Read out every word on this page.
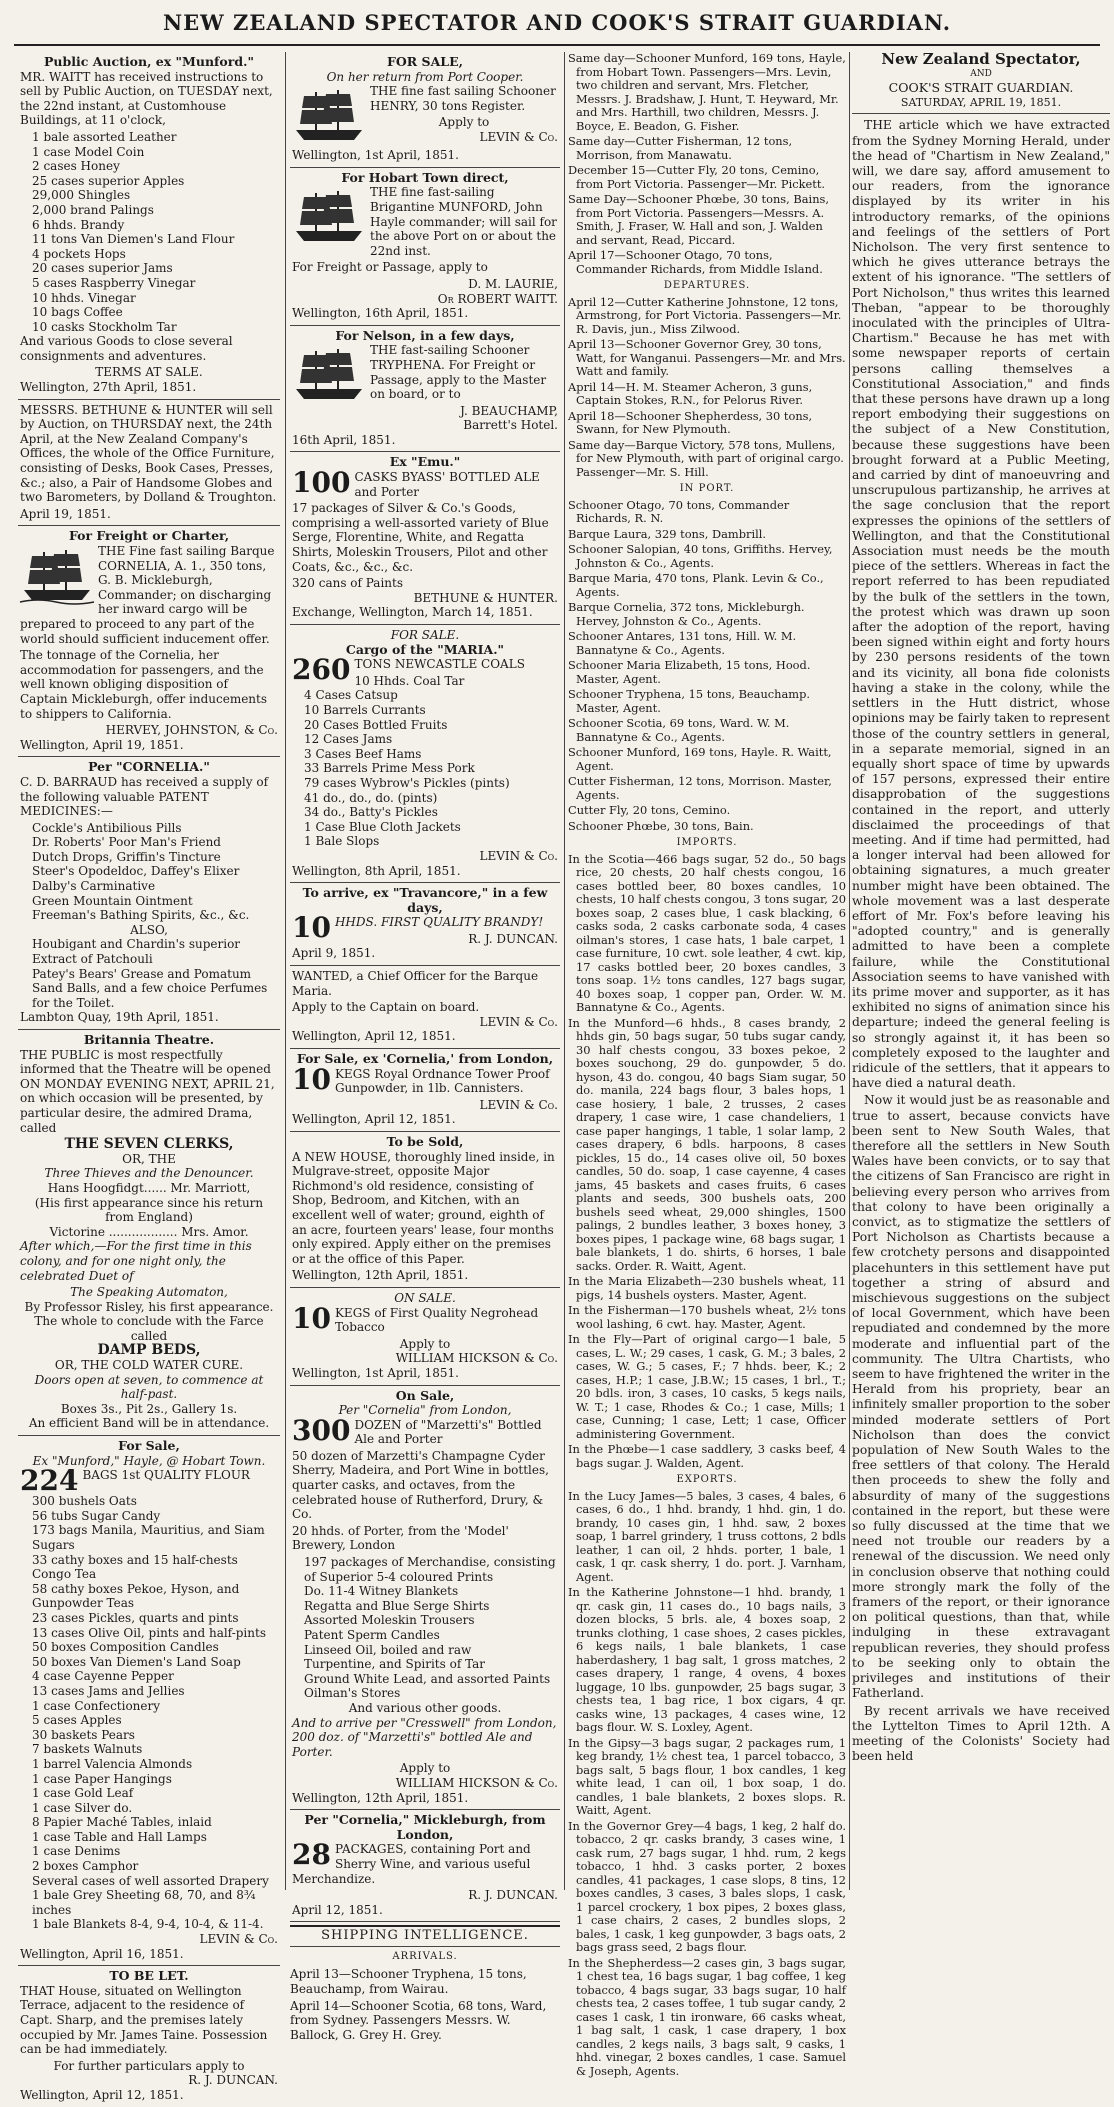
NEW ZEALAND SPECTATOR AND COOK'S STRAIT GUARDIAN.
Public Auction, ex "Munford."

MR. WAITT has received instructions to sell by Public Auction, on TUESDAY next, the 22nd instant, at Customhouse Buildings, at 11 o'clock,

1 bale assorted Leather
1 case Model Coin
2 cases Honey
25 cases superior Apples
29,000 Shingles
2,000 brand Palings
6 hhds. Brandy
11 tons Van Diemen's Land Flour
4 pockets Hops
20 cases superior Jams
5 cases Raspberry Vinegar
10 hhds. Vinegar
10 bags Coffee
10 casks Stockholm Tar

And various Goods to close several consignments and adventures.

TERMS AT SALE.
Wellington, 27th April, 1851.

MESSRS. BETHUNE & HUNTER will sell by Auction, on THURSDAY next, the 24th April, at the New Zealand Company's Offices, the whole of the Office Furniture, consisting of Desks, Book Cases, Presses, &c.; also, a Pair of Handsome Globes and two Barometers, by Dolland & Troughton.

April 19, 1851.
For Freight or Charter,

THE Fine fast sailing Barque CORNELIA, A. 1., 350 tons, G. B. Mickleburgh, Commander; on discharging her inward cargo will be prepared to proceed to any part of the world should sufficient inducement offer.

The tonnage of the Cornelia, her accommodation for passengers, and the well known obliging disposition of Captain Mickleburgh, offer inducements to shippers to California.

HERVEY, JOHNSTON, & Co.
Wellington, April 19, 1851.
Per "CORNELIA."

C. D. BARRAUD has received a supply of the following valuable PATENT MEDICINES:—

Cockle's Antibilious Pills
Dr. Roberts' Poor Man's Friend
Dutch Drops, Griffin's Tincture
Steer's Opodeldoc, Daffey's Elixer
Dalby's Carminative
Green Mountain Ointment
Freeman's Bathing Spirits, &c., &c.
ALSO,
Houbigant and Chardin's superior Extract of Patchouli
Patey's Bears' Grease and Pomatum
Sand Balls, and a few choice Perfumes for the Toilet.
Lambton Quay, 19th April, 1851.
Britannia Theatre.

THE PUBLIC is most respectfully informed that the Theatre will be opened ON MONDAY EVENING NEXT, APRIL 21, on which occasion will be presented, by particular desire, the admired Drama, called

THE SEVEN CLERKS,
OR, THE
Three Thieves and the Denouncer.
Hans Hoogfidgt...... Mr. Marriott,
(His first appearance since his return from England)
Victorine .................. Mrs. Amor.

After which,—For the first time in this colony, and for one night only, the celebrated Duet of

The Speaking Automaton,
By Professor Risley, his first appearance.
The whole to conclude with the Farce called
DAMP BEDS,
OR, THE COLD WATER CURE.
Doors open at seven, to commence at half-past.
Boxes 3s., Pit 2s., Gallery 1s.
An efficient Band will be in attendance.
For Sale,
Ex "Munford," Hayle, @ Hobart Town.
224 BAGS 1st QUALITY FLOUR

300 bushels Oats
56 tubs Sugar Candy
173 bags Manila, Mauritius, and Siam Sugars
33 cathy boxes and 15 half-chests Congo Tea
58 cathy boxes Pekoe, Hyson, and Gunpowder Teas
23 cases Pickles, quarts and pints
13 cases Olive Oil, pints and half-pints
50 boxes Composition Candles
50 boxes Van Diemen's Land Soap
4 case Cayenne Pepper
13 cases Jams and Jellies
1 case Confectionery
5 cases Apples
30 baskets Pears
7 baskets Walnuts
1 barrel Valencia Almonds
1 case Paper Hangings
1 case Gold Leaf
1 case Silver do.
8 Papier Maché Tables, inlaid
1 case Table and Hall Lamps
1 case Denims
2 boxes Camphor
Several cases of well assorted Drapery
1 bale Grey Sheeting 68, 70, and 8¾ inches
1 bale Blankets 8-4, 9-4, 10-4, & 11-4.
LEVIN & Co.
Wellington, April 16, 1851.
TO BE LET.

THAT House, situated on Wellington Terrace, adjacent to the residence of Capt. Sharp, and the premises lately occupied by Mr. James Taine. Possession can be had immediately.

For further particulars apply to
R. J. DUNCAN.
Wellington, April 12, 1851.
FOR SALE,
On her return from Port Cooper.

THE fine fast sailing Schooner HENRY, 30 tons Register.

Apply to
LEVIN & Co.
Wellington, 1st April, 1851.
For Hobart Town direct,

THE fine fast-sailing Brigantine MUNFORD, John Hayle commander; will sail for the above Port on or about the 22nd inst.

For Freight or Passage, apply to

D. M. LAURIE,
Or ROBERT WAITT.
Wellington, 16th April, 1851.
For Nelson, in a few days,

THE fast-sailing Schooner TRYPHENA. For Freight or Passage, apply to the Master on board, or to

J. BEAUCHAMP,
Barrett's Hotel.
16th April, 1851.
Ex "Emu."
100 CASKS BYASS' BOTTLED ALE and Porter

17 packages of Silver & Co.'s Goods, comprising a well-assorted variety of Blue Serge, Florentine, White, and Regatta Shirts, Moleskin Trousers, Pilot and other Coats, &c., &c., &c.

320 cans of Paints
BETHUNE & HUNTER.
Exchange, Wellington, March 14, 1851.
FOR SALE.
Cargo of the "MARIA."
260 TONS NEWCASTLE COALS

10 Hhds. Coal Tar
4 Cases Catsup
10 Barrels Currants
20 Cases Bottled Fruits
12 Cases Jams
3 Cases Beef Hams
33 Barrels Prime Mess Pork
79 cases Wybrow's Pickles (pints)
41 do., do., do. (pints)
34 do., Batty's Pickles
1 Case Blue Cloth Jackets
1 Bale Slops
LEVIN & Co.
Wellington, 8th April, 1851.
To arrive, ex "Travancore," in a few days,
10 HHDS. FIRST QUALITY BRANDY!

R. J. DUNCAN.
April 9, 1851.

WANTED, a Chief Officer for the Barque Maria.

Apply to the Captain on board.
LEVIN & Co.
Wellington, April 12, 1851.
For Sale, ex 'Cornelia,' from London,
10 KEGS Royal Ordnance Tower Proof Gunpowder, in 1lb. Cannisters.

LEVIN & Co.
Wellington, April 12, 1851.
To be Sold,

A NEW HOUSE, thoroughly lined inside, in Mulgrave-street, opposite Major Richmond's old residence, consisting of Shop, Bedroom, and Kitchen, with an excellent well of water; ground, eighth of an acre, fourteen years' lease, four months only expired. Apply either on the premises or at the office of this Paper.

Wellington, 12th April, 1851.
ON SALE.
10 KEGS of First Quality Negrohead Tobacco

Apply to
WILLIAM HICKSON & Co.
Wellington, 1st April, 1851.
On Sale,
Per "Cornelia" from London,
300 DOZEN of "Marzetti's" Bottled Ale and Porter

50 dozen of Marzetti's Champagne Cyder Sherry, Madeira, and Port Wine in bottles, quarter casks, and octaves, from the celebrated house of Rutherford, Drury, & Co.

20 hhds. of Porter, from the 'Model' Brewery, London

197 packages of Merchandise, consisting of Superior 5-4 coloured Prints
Do. 11-4 Witney Blankets
Regatta and Blue Serge Shirts
Assorted Moleskin Trousers
Patent Sperm Candles
Linseed Oil, boiled and raw
Turpentine, and Spirits of Tar
Ground White Lead, and assorted Paints
Oilman's Stores
And various other goods.

And to arrive per "Cresswell" from London, 200 doz. of "Marzetti's" bottled Ale and Porter.

Apply to
WILLIAM HICKSON & Co.
Wellington, 12th April, 1851.
Per "Cornelia," Mickleburgh, from London,
28 PACKAGES, containing Port and Sherry Wine, and various useful Merchandize.

R. J. DUNCAN.
April 12, 1851.
SHIPPING INTELLIGENCE.
ARRIVALS.

April 13—Schooner Tryphena, 15 tons, Beauchamp, from Wairau.

April 14—Schooner Scotia, 68 tons, Ward, from Sydney. Passengers Messrs. W. Ballock, G. Grey H. Grey.

Same day—Schooner Munford, 169 tons, Hayle, from Hobart Town. Passengers—Mrs. Levin, two children and servant, Mrs. Fletcher, Messrs. J. Bradshaw, J. Hunt, T. Heyward, Mr. and Mrs. Harthill, two children, Messrs. J. Boyce, E. Beadon, G. Fisher.

Same day—Cutter Fisherman, 12 tons, Morrison, from Manawatu.

December 15—Cutter Fly, 20 tons, Cemino, from Port Victoria. Passenger—Mr. Pickett.

Same Day—Schooner Phœbe, 30 tons, Bains, from Port Victoria. Passengers—Messrs. A. Smith, J. Fraser, W. Hall and son, J. Walden and servant, Read, Piccard.

April 17—Schooner Otago, 70 tons, Commander Richards, from Middle Island.

DEPARTURES.

April 12—Cutter Katherine Johnstone, 12 tons, Armstrong, for Port Victoria. Passengers—Mr. R. Davis, jun., Miss Zilwood.

April 13—Schooner Governor Grey, 30 tons, Watt, for Wanganui. Passengers—Mr. and Mrs. Watt and family.

April 14—H. M. Steamer Acheron, 3 guns, Captain Stokes, R.N., for Pelorus River.

April 18—Schooner Shepherdess, 30 tons, Swann, for New Plymouth.

Same day—Barque Victory, 578 tons, Mullens, for New Plymouth, with part of original cargo. Passenger—Mr. S. Hill.

IN PORT.

Schooner Otago, 70 tons, Commander Richards, R. N.

Barque Laura, 329 tons, Dambrill.

Schooner Salopian, 40 tons, Griffiths. Hervey, Johnston & Co., Agents.

Barque Maria, 470 tons, Plank. Levin & Co., Agents.

Barque Cornelia, 372 tons, Mickleburgh. Hervey, Johnston & Co., Agents.

Schooner Antares, 131 tons, Hill. W. M. Bannatyne & Co., Agents.

Schooner Maria Elizabeth, 15 tons, Hood. Master, Agent.

Schooner Tryphena, 15 tons, Beauchamp. Master, Agent.

Schooner Scotia, 69 tons, Ward. W. M. Bannatyne & Co., Agents.

Schooner Munford, 169 tons, Hayle. R. Waitt, Agent.

Cutter Fisherman, 12 tons, Morrison. Master, Agents.

Cutter Fly, 20 tons, Cemino.

Schooner Phœbe, 30 tons, Bain.

IMPORTS.

In the Scotia—466 bags sugar, 52 do., 50 bags rice, 20 chests, 20 half chests congou, 16 cases bottled beer, 80 boxes candles, 10 chests, 10 half chests congou, 3 tons sugar, 20 boxes soap, 2 cases blue, 1 cask blacking, 6 casks soda, 2 casks carbonate soda, 4 cases oilman's stores, 1 case hats, 1 bale carpet, 1 case furniture, 10 cwt. sole leather, 4 cwt. kip, 17 casks bottled beer, 20 boxes candles, 3 tons soap. 1½ tons candles, 127 bags sugar, 40 boxes soap, 1 copper pan, Order. W. M. Bannatyne & Co., Agents.

In the Munford—6 hhds., 8 cases brandy, 2 hhds gin, 50 bags sugar, 50 tubs sugar candy, 30 half chests congou, 33 boxes pekoe, 2 boxes souchong, 29 do. gunpowder, 5 do. hyson, 43 do. congou, 40 bags Siam sugar, 50 do. manila, 224 bags flour, 3 bales hops, 1 case hosiery, 1 bale, 2 trusses, 2 cases drapery, 1 case wire, 1 case chandeliers, 1 case paper hangings, 1 table, 1 solar lamp, 2 cases drapery, 6 bdls. harpoons, 8 cases pickles, 15 do., 14 cases olive oil, 50 boxes candles, 50 do. soap, 1 case cayenne, 4 cases jams, 45 baskets and cases fruits, 6 cases plants and seeds, 300 bushels oats, 200 bushels seed wheat, 29,000 shingles, 1500 palings, 2 bundles leather, 3 boxes honey, 3 boxes pipes, 1 package wine, 68 bags sugar, 1 bale blankets, 1 do. shirts, 6 horses, 1 bale sacks. Order. R. Waitt, Agent.

In the Maria Elizabeth—230 bushels wheat, 11 pigs, 14 bushels oysters. Master, Agent.

In the Fisherman—170 bushels wheat, 2½ tons wool lashing, 6 cwt. hay. Master, Agent.

In the Fly—Part of original cargo—1 bale, 5 cases, L. W.; 29 cases, 1 cask, G. M.; 3 bales, 2 cases, W. G.; 5 cases, F.; 7 hhds. beer, K.; 2 cases, H.P.; 1 case, J.B.W.; 15 cases, 1 brl., T.; 20 bdls. iron, 3 cases, 10 casks, 5 kegs nails, W. T.; 1 case, Rhodes & Co.; 1 case, Mills; 1 case, Cunning; 1 case, Lett; 1 case, Officer administering Government.

In the Phœbe—1 case saddlery, 3 casks beef, 4 bags sugar. J. Walden, Agent.

EXPORTS.

In the Lucy James—5 bales, 3 cases, 4 bales, 6 cases, 6 do., 1 hhd. brandy, 1 hhd. gin, 1 do. brandy, 10 cases gin, 1 hhd. saw, 2 boxes soap, 1 barrel grindery, 1 truss cottons, 2 bdls leather, 1 can oil, 2 hhds. porter, 1 bale, 1 cask, 1 qr. cask sherry, 1 do. port. J. Varnham, Agent.

In the Katherine Johnstone—1 hhd. brandy, 1 qr. cask gin, 11 cases do., 10 bags nails, 3 dozen blocks, 5 brls. ale, 4 boxes soap, 2 trunks clothing, 1 case shoes, 2 cases pickles, 6 kegs nails, 1 bale blankets, 1 case haberdashery, 1 bag salt, 1 gross matches, 2 cases drapery, 1 range, 4 ovens, 4 boxes luggage, 10 lbs. gunpowder, 25 bags sugar, 3 chests tea, 1 bag rice, 1 box cigars, 4 qr. casks wine, 13 packages, 4 cases wine, 12 bags flour. W. S. Loxley, Agent.

In the Gipsy—3 bags sugar, 2 packages rum, 1 keg brandy, 1½ chest tea, 1 parcel tobacco, 3 bags salt, 5 bags flour, 1 box candles, 1 keg white lead, 1 can oil, 1 box soap, 1 do. candles, 1 bale blankets, 2 boxes slops. R. Waitt, Agent.

In the Governor Grey—4 bags, 1 keg, 2 half do. tobacco, 2 qr. casks brandy, 3 cases wine, 1 cask rum, 27 bags sugar, 1 hhd. rum, 2 kegs tobacco, 1 hhd. 3 casks porter, 2 boxes candles, 41 packages, 1 case slops, 8 tins, 12 boxes candles, 3 cases, 3 bales slops, 1 cask, 1 parcel crockery, 1 box pipes, 2 boxes glass, 1 case chairs, 2 cases, 2 bundles slops, 2 bales, 1 cask, 1 keg gunpowder, 3 bags oats, 2 bags grass seed, 2 bags flour.

In the Shepherdess—2 cases gin, 3 bags sugar, 1 chest tea, 16 bags sugar, 1 bag coffee, 1 keg tobacco, 4 bags sugar, 33 bags sugar, 10 half chests tea, 2 cases toffee, 1 tub sugar candy, 2 cases 1 cask, 1 tin ironware, 66 casks wheat, 1 bag salt, 1 cask, 1 case drapery, 1 box candles, 2 kegs nails, 3 bags salt, 9 casks, 1 hhd. vinegar, 2 boxes candles, 1 case. Samuel & Joseph, Agents.

New Zealand Spectator,
AND
COOK'S STRAIT GUARDIAN.
SATURDAY, APRIL 19, 1851.

THE article which we have extracted from the Sydney Morning Herald, under the head of "Chartism in New Zealand," will, we dare say, afford amusement to our readers, from the ignorance displayed by its writer in his introductory remarks, of the opinions and feelings of the settlers of Port Nicholson. The very first sentence to which he gives utterance betrays the extent of his ignorance. "The settlers of Port Nicholson," thus writes this learned Theban, "appear to be thoroughly inoculated with the principles of Ultra-Chartism." Because he has met with some newspaper reports of certain persons calling themselves a Constitutional Association," and finds that these persons have drawn up a long report embodying their suggestions on the subject of a New Constitution, because these suggestions have been brought forward at a Public Meeting, and carried by dint of manoeuvring and unscrupulous partizanship, he arrives at the sage conclusion that the report expresses the opinions of the settlers of Wellington, and that the Constitutional Association must needs be the mouth piece of the settlers. Whereas in fact the report referred to has been repudiated by the bulk of the settlers in the town, the protest which was drawn up soon after the adoption of the report, having been signed within eight and forty hours by 230 persons residents of the town and its vicinity, all bona fide colonists having a stake in the colony, while the settlers in the Hutt district, whose opinions may be fairly taken to represent those of the country settlers in general, in a separate memorial, signed in an equally short space of time by upwards of 157 persons, expressed their entire disapprobation of the suggestions contained in the report, and utterly disclaimed the proceedings of that meeting. And if time had permitted, had a longer interval had been allowed for obtaining signatures, a much greater number might have been obtained. The whole movement was a last desperate effort of Mr. Fox's before leaving his "adopted country," and is generally admitted to have been a complete failure, while the Constitutional Association seems to have vanished with its prime mover and supporter, as it has exhibited no signs of animation since his departure; indeed the general feeling is so strongly against it, it has been so completely exposed to the laughter and ridicule of the settlers, that it appears to have died a natural death.

Now it would just be as reasonable and true to assert, because convicts have been sent to New South Wales, that therefore all the settlers in New South Wales have been convicts, or to say that the citizens of San Francisco are right in believing every person who arrives from that colony to have been originally a convict, as to stigmatize the settlers of Port Nicholson as Chartists because a few crotchety persons and disappointed placehunters in this settlement have put together a string of absurd and mischievous suggestions on the subject of local Government, which have been repudiated and condemned by the more moderate and influential part of the community. The Ultra Chartists, who seem to have frightened the writer in the Herald from his propriety, bear an infinitely smaller proportion to the sober minded moderate settlers of Port Nicholson than does the convict population of New South Wales to the free settlers of that colony. The Herald then proceeds to shew the folly and absurdity of many of the suggestions contained in the report, but these were so fully discussed at the time that we need not trouble our readers by a renewal of the discussion. We need only in conclusion observe that nothing could more strongly mark the folly of the framers of the report, or their ignorance on political questions, than that, while indulging in these extravagant republican reveries, they should profess to be seeking only to obtain the privileges and institutions of their Fatherland.

By recent arrivals we have received the Lyttelton Times to April 12th. A meeting of the Colonists' Society had been held
